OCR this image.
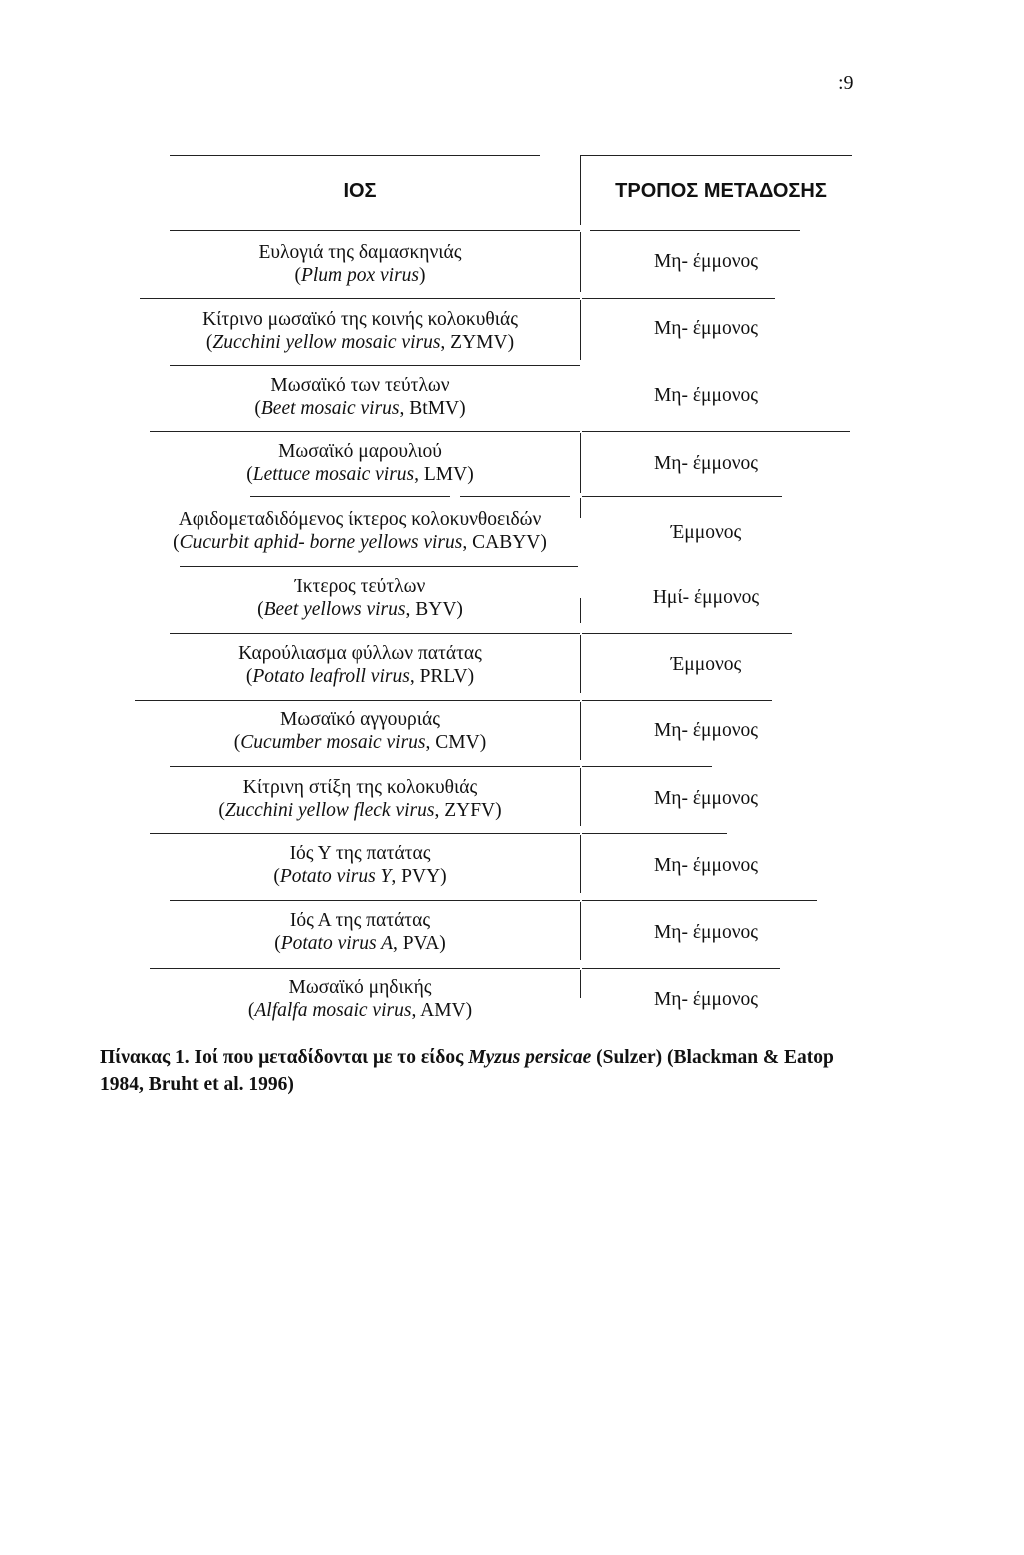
:9
ΙΟΣ	ΤΡΟΠΟΣ ΜΕΤΑΔΟΣΗΣ
Ευλογιά της δαμασκηνιάς
(Plum pox virus)
Κίτρινο μωσαϊκό της κοινής κολοκυθιάς
(Zucchini yellow mosaic virus, ZYMV)
Μωσαϊκό των τεύτλων
(Beet mosaic virus, BtMV)
Μωσαϊκό μαρουλιού
(Lettuce mosaic virus, LMV)
Αφιδομεταδιδόμενος ίκτερος κολοκυνθοειδών
(Cucurbit aphid- borne yellows virus, CABYV)
Ίκτερος τεύτλων
(Beet yellows virus, BYV)
Καρούλιασμα φύλλων πατάτας
(Potato leafroll virus, PRLV)
Μωσαϊκό αγγουριάς
(Cucumber mosaic virus, CMV)
Κίτρινη στίξη της κολοκυθιάς
(Zucchini yellow fleck virus, ZYFV)
Ιός Υ της πατάτας
(Potato virus Y, PVY)
Ιός Α της πατάτας
(Potato virus A, PVA)
Μωσαϊκό μηδικής
(Alfalfa mosaic virus, AMV)
Μη- έμμονος
Μη- έμμονος
Μη- έμμονος
Μη- έμμονος
Έμμονος
Ημί- έμμονος
Έμμονος
Μη- έμμονος
Μη- έμμονος
Μη- έμμονος
Μη- έμμονος
Μη- έμμονος
Πίνακας 1. Ιοί που μεταδίδονται με το είδος Myzus persicae (Sulzer) (Blackman & Eatop 1984, Bruht et al. 1996)
